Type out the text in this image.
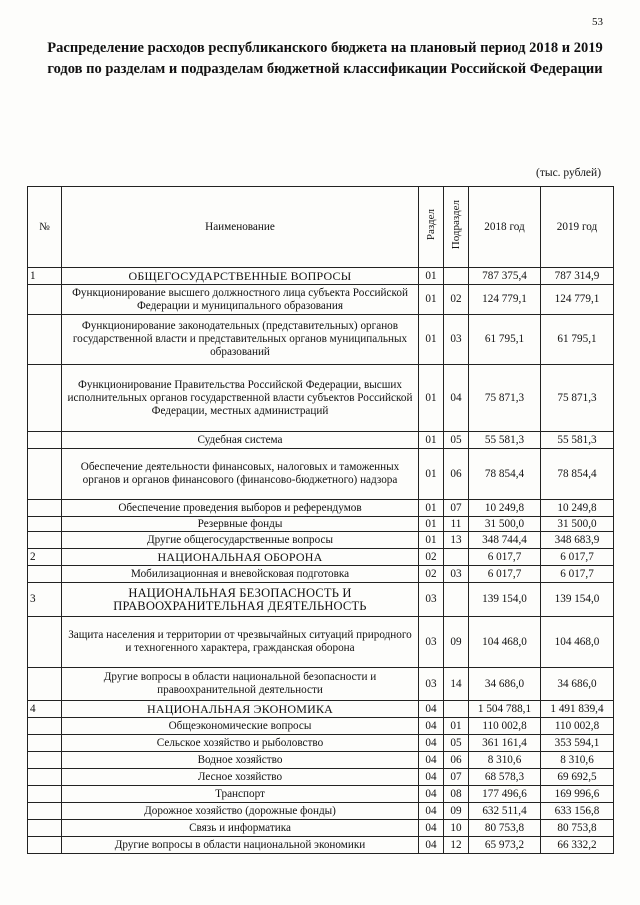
53
Распределение расходов республиканского бюджета на плановый период 2018 и 2019 годов по разделам и подразделам бюджетной классификации Российской Федерации
(тыс. рублей)
№	Наименование	Раздел	Подраздел	2018 год	2019 год
1	ОБЩЕГОСУДАРСТВЕННЫЕ ВОПРОСЫ	01		787 375,4	787 314,9
	Функционирование высшего должностного лица субъекта Российской Федерации и муниципального образования	01	02	124 779,1	124 779,1
	Функционирование законодательных (представительных) органов государственной власти и представительных органов муниципальных образований	01	03	61 795,1	61 795,1
	Функционирование Правительства Российской Федерации, высших исполнительных органов государственной власти субъектов Российской Федерации, местных администраций	01	04	75 871,3	75 871,3
	Судебная система	01	05	55 581,3	55 581,3
	Обеспечение деятельности финансовых, налоговых и таможенных органов и органов финансового (финансово-бюджетного) надзора	01	06	78 854,4	78 854,4
	Обеспечение проведения выборов и референдумов	01	07	10 249,8	10 249,8
	Резервные фонды	01	11	31 500,0	31 500,0
	Другие общегосударственные вопросы	01	13	348 744,4	348 683,9
2	НАЦИОНАЛЬНАЯ ОБОРОНА	02		6 017,7	6 017,7
	Мобилизационная и вневойсковая подготовка	02	03	6 017,7	6 017,7
3	НАЦИОНАЛЬНАЯ БЕЗОПАСНОСТЬ И ПРАВООХРАНИТЕЛЬНАЯ ДЕЯТЕЛЬНОСТЬ	03		139 154,0	139 154,0
	Защита населения и территории от чрезвычайных ситуаций природного и техногенного характера, гражданская оборона	03	09	104 468,0	104 468,0
	Другие вопросы в области национальной безопасности и правоохранительной деятельности	03	14	34 686,0	34 686,0
4	НАЦИОНАЛЬНАЯ ЭКОНОМИКА	04		1 504 788,1	1 491 839,4
	Общеэкономические вопросы	04	01	110 002,8	110 002,8
	Сельское хозяйство и рыболовство	04	05	361 161,4	353 594,1
	Водное хозяйство	04	06	8 310,6	8 310,6
	Лесное хозяйство	04	07	68 578,3	69 692,5
	Транспорт	04	08	177 496,6	169 996,6
	Дорожное хозяйство (дорожные фонды)	04	09	632 511,4	633 156,8
	Связь и информатика	04	10	80 753,8	80 753,8
	Другие вопросы в области национальной экономики	04	12	65 973,2	66 332,2
